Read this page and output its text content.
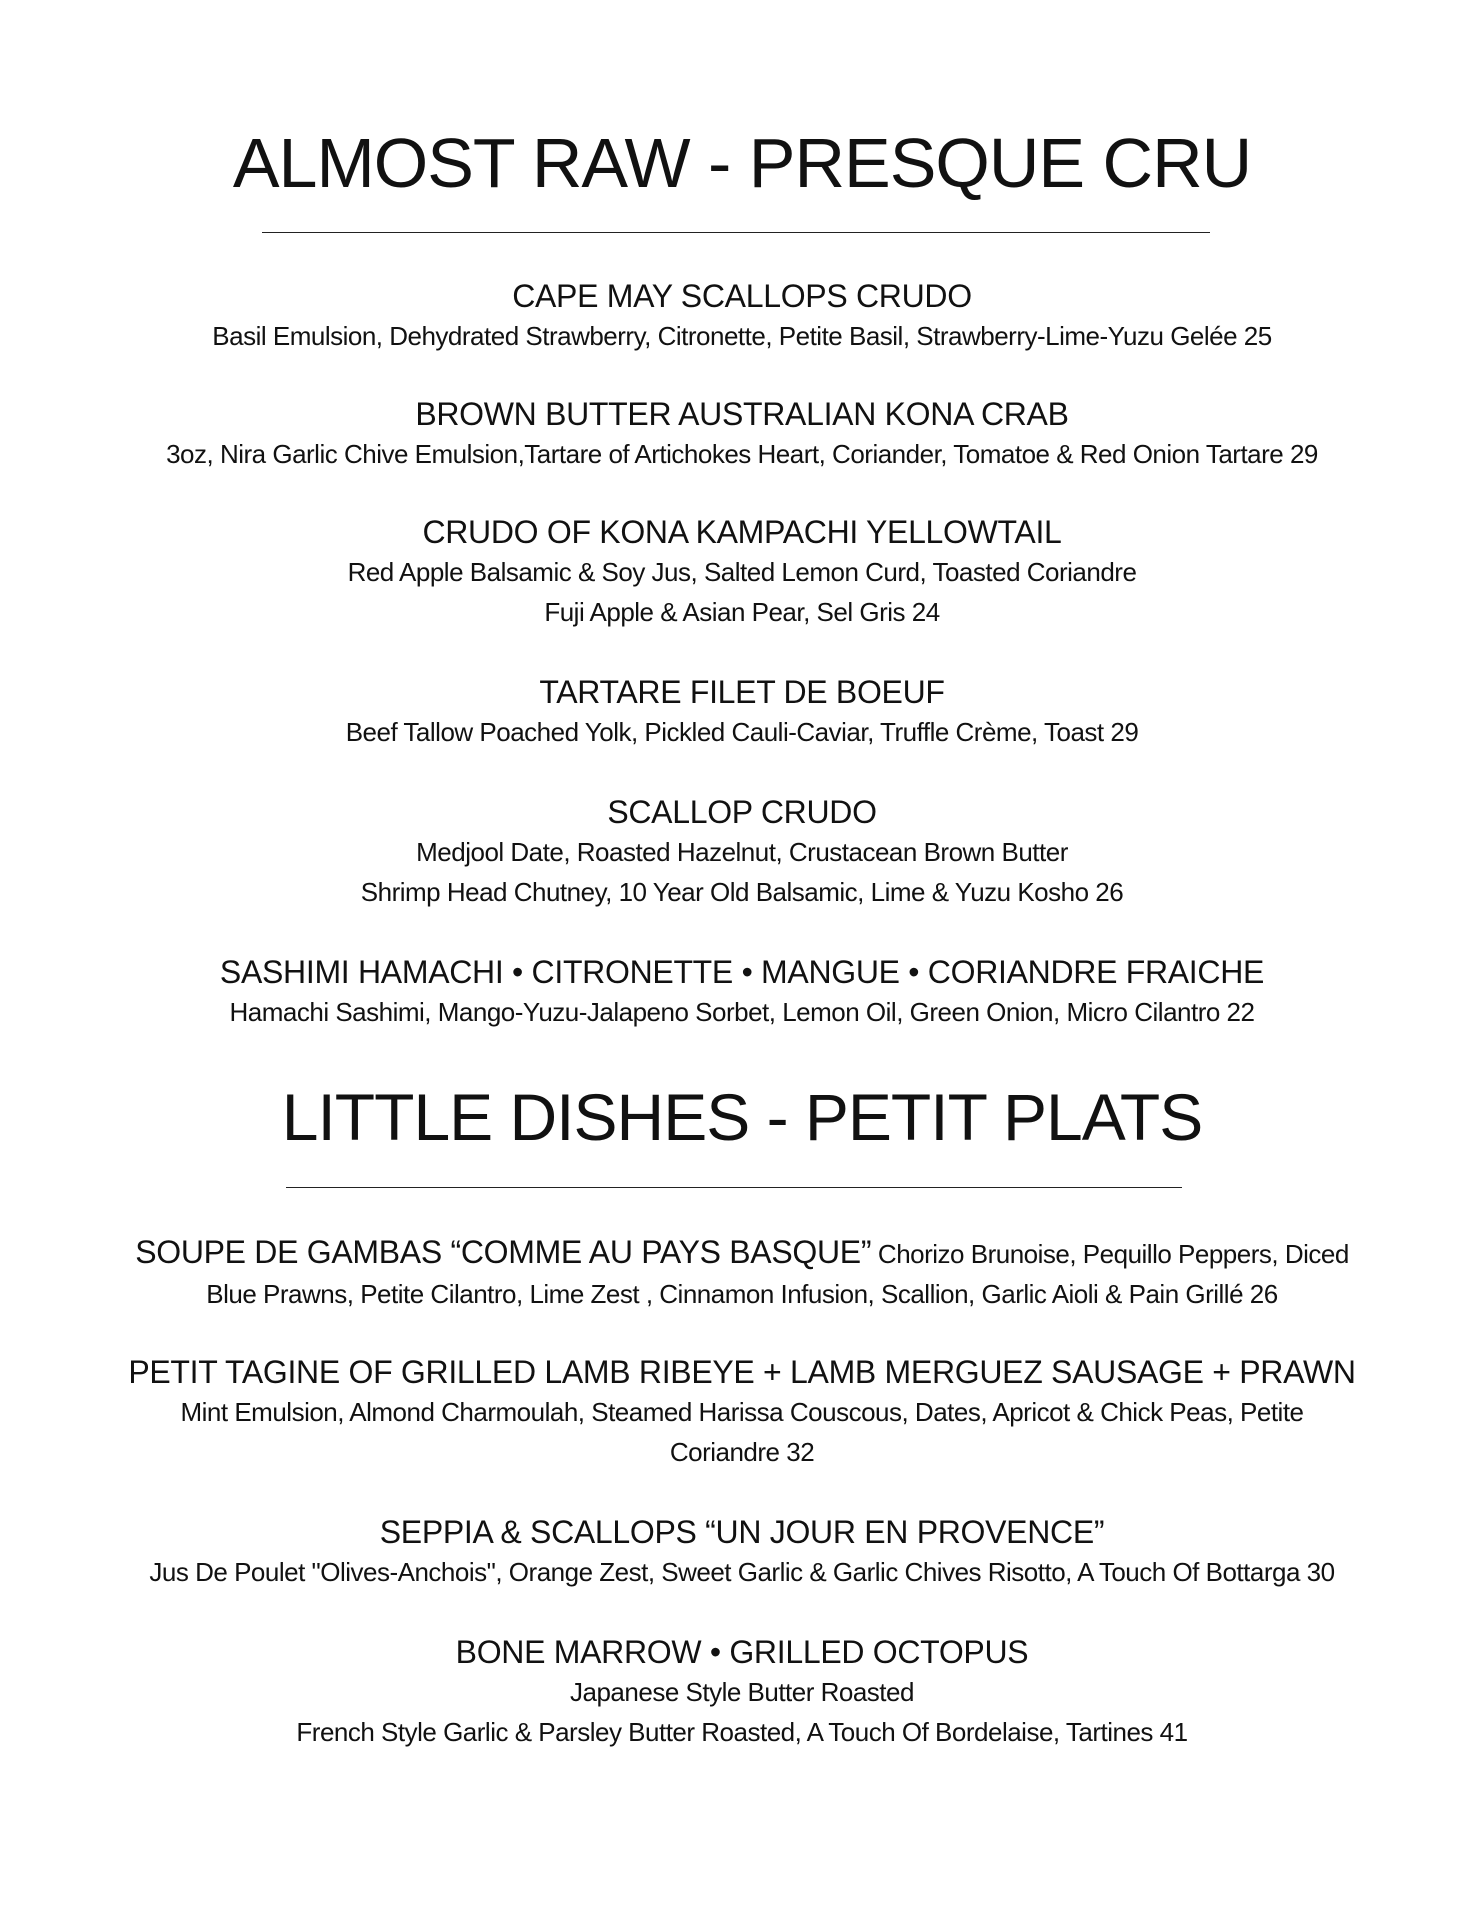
ALMOST RAW - PRESQUE CRU
CAPE MAY SCALLOPS CRUDO
Basil Emulsion, Dehydrated Strawberry, Citronette, Petite Basil, Strawberry-Lime-Yuzu Gelée 25
BROWN BUTTER AUSTRALIAN KONA CRAB
3oz, Nira Garlic Chive Emulsion,Tartare of Artichokes Heart, Coriander, Tomatoe & Red Onion Tartare 29
CRUDO OF KONA KAMPACHI YELLOWTAIL
Red Apple Balsamic & Soy Jus, Salted Lemon Curd, Toasted Coriandre
Fuji Apple & Asian Pear, Sel Gris 24
TARTARE FILET DE BOEUF
Beef Tallow Poached Yolk, Pickled Cauli-Caviar, Truffle Crème, Toast 29
SCALLOP CRUDO
Medjool Date, Roasted Hazelnut, Crustacean Brown Butter
Shrimp Head Chutney, 10 Year Old Balsamic, Lime & Yuzu Kosho 26
SASHIMI HAMACHI • CITRONETTE • MANGUE • CORIANDRE FRAICHE
Hamachi Sashimi, Mango-Yuzu-Jalapeno Sorbet, Lemon Oil, Green Onion, Micro Cilantro 22
LITTLE DISHES - PETIT PLATS
SOUPE DE GAMBAS “COMME AU PAYS BASQUE” Chorizo Brunoise, Pequillo Peppers, Diced
Blue Prawns, Petite Cilantro, Lime Zest , Cinnamon Infusion, Scallion, Garlic Aioli & Pain Grillé 26
PETIT TAGINE OF GRILLED LAMB RIBEYE + LAMB MERGUEZ SAUSAGE + PRAWN
Mint Emulsion, Almond Charmoulah, Steamed Harissa Couscous, Dates, Apricot & Chick Peas, Petite
Coriandre 32
SEPPIA & SCALLOPS “UN JOUR EN PROVENCE”
Jus De Poulet "Olives-Anchois", Orange Zest, Sweet Garlic & Garlic Chives Risotto, A Touch Of Bottarga 30
BONE MARROW • GRILLED OCTOPUS
Japanese Style Butter Roasted
French Style Garlic & Parsley Butter Roasted, A Touch Of Bordelaise, Tartines 41
